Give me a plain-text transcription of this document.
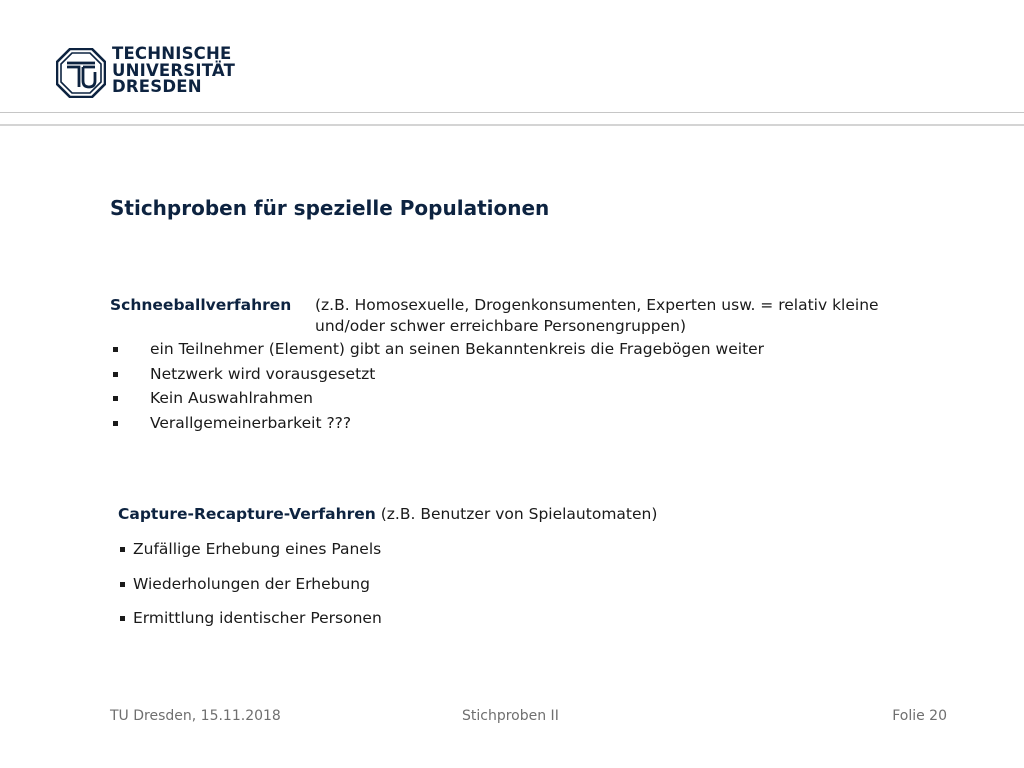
TECHNISCHE
UNIVERSITÄT
DRESDEN
Stichproben für spezielle Populationen
Schneeballverfahren (z.B. Homosexuelle, Drogenkonsumenten, Experten usw. = relativ kleine und/oder schwer erreichbare Personengruppen)
ein Teilnehmer (Element) gibt an seinen Bekanntenkreis die Fragebögen weiter
Netzwerk wird vorausgesetzt
Kein Auswahlrahmen
Verallgemeinerbarkeit ???
Capture-Recapture-Verfahren (z.B. Benutzer von Spielautomaten)
Zufällige Erhebung eines Panels
Wiederholungen der Erhebung
Ermittlung identischer Personen
TU Dresden, 15.11.2018	Stichproben II	Folie 20
